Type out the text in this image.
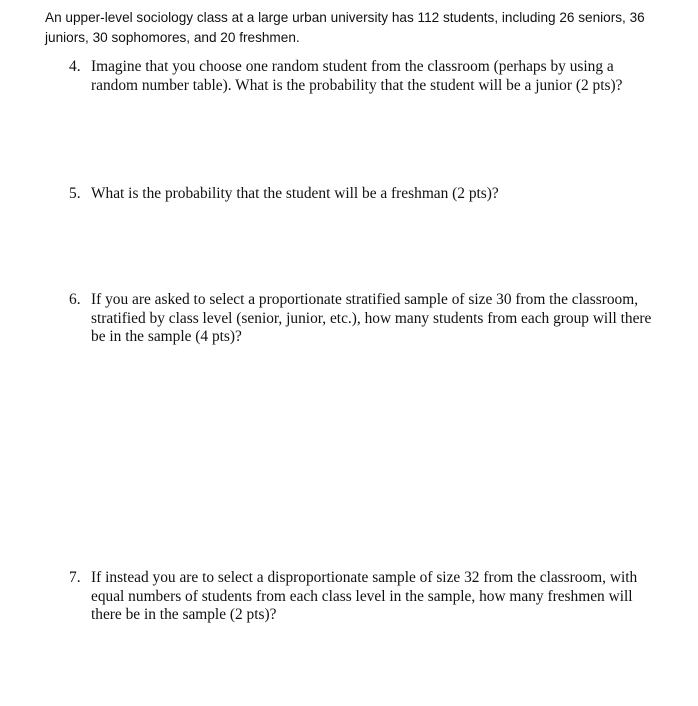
An upper-level sociology class at a large urban university has 112 students, including 26 seniors, 36 juniors, 30 sophomores, and 20 freshmen.
4. Imagine that you choose one random student from the classroom (perhaps by using a random number table). What is the probability that the student will be a junior (2 pts)?
5. What is the probability that the student will be a freshman (2 pts)?
6. If you are asked to select a proportionate stratified sample of size 30 from the classroom, stratified by class level (senior, junior, etc.), how many students from each group will there be in the sample (4 pts)?
7. If instead you are to select a disproportionate sample of size 32 from the classroom, with equal numbers of students from each class level in the sample, how many freshmen will there be in the sample (2 pts)?
